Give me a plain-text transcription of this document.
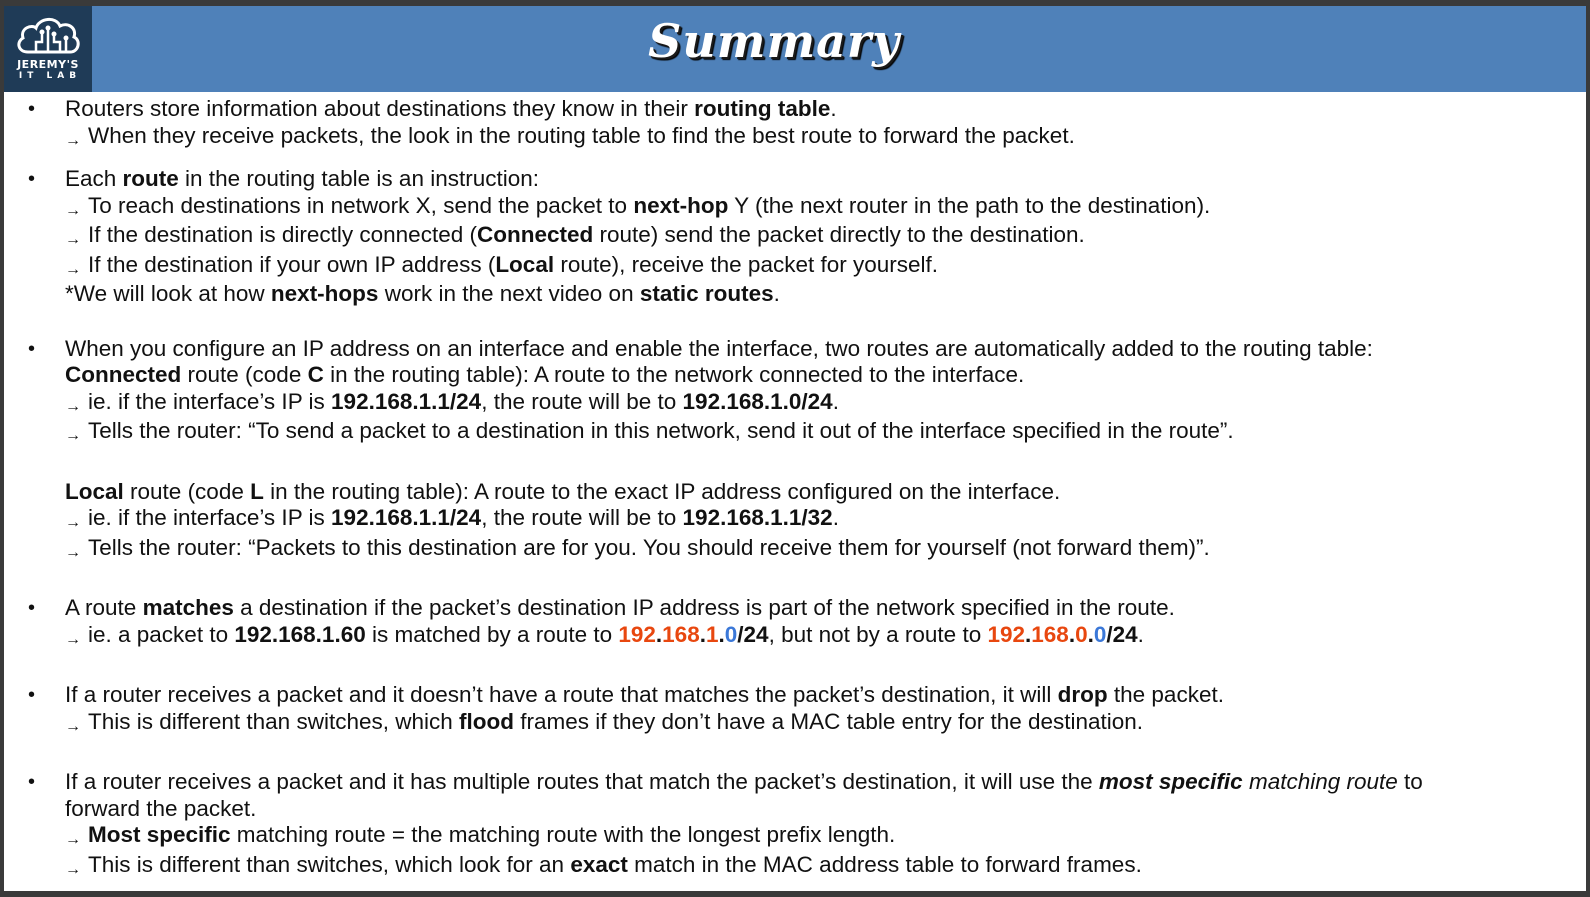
JEREMY'S
IT LAB
Summary
• Routers store information about destinations they know in their routing table.
→ When they receive packets, the look in the routing table to find the best route to forward the packet.
• Each route in the routing table is an instruction:
→ To reach destinations in network X, send the packet to next-hop Y (the next router in the path to the destination).
→ If the destination is directly connected (Connected route) send the packet directly to the destination.
→ If the destination if your own IP address (Local route), receive the packet for yourself.
*We will look at how next-hops work in the next video on static routes.
• When you configure an IP address on an interface and enable the interface, two routes are automatically added to the routing table:
Connected route (code C in the routing table): A route to the network connected to the interface.
→ ie. if the interface’s IP is 192.168.1.1/24, the route will be to 192.168.1.0/24.
→ Tells the router: “To send a packet to a destination in this network, send it out of the interface specified in the route”.
Local route (code L in the routing table): A route to the exact IP address configured on the interface.
→ ie. if the interface’s IP is 192.168.1.1/24, the route will be to 192.168.1.1/32.
→ Tells the router: “Packets to this destination are for you. You should receive them for yourself (not forward them)”.
• A route matches a destination if the packet’s destination IP address is part of the network specified in the route.
→ ie. a packet to 192.168.1.60 is matched by a route to 192.168.1.0/24, but not by a route to 192.168.0.0/24.
• If a router receives a packet and it doesn’t have a route that matches the packet’s destination, it will drop the packet.
→ This is different than switches, which flood frames if they don’t have a MAC table entry for the destination.
• If a router receives a packet and it has multiple routes that match the packet’s destination, it will use the most specific matching route to
forward the packet.
→ Most specific matching route = the matching route with the longest prefix length.
→ This is different than switches, which look for an exact match in the MAC address table to forward frames.
